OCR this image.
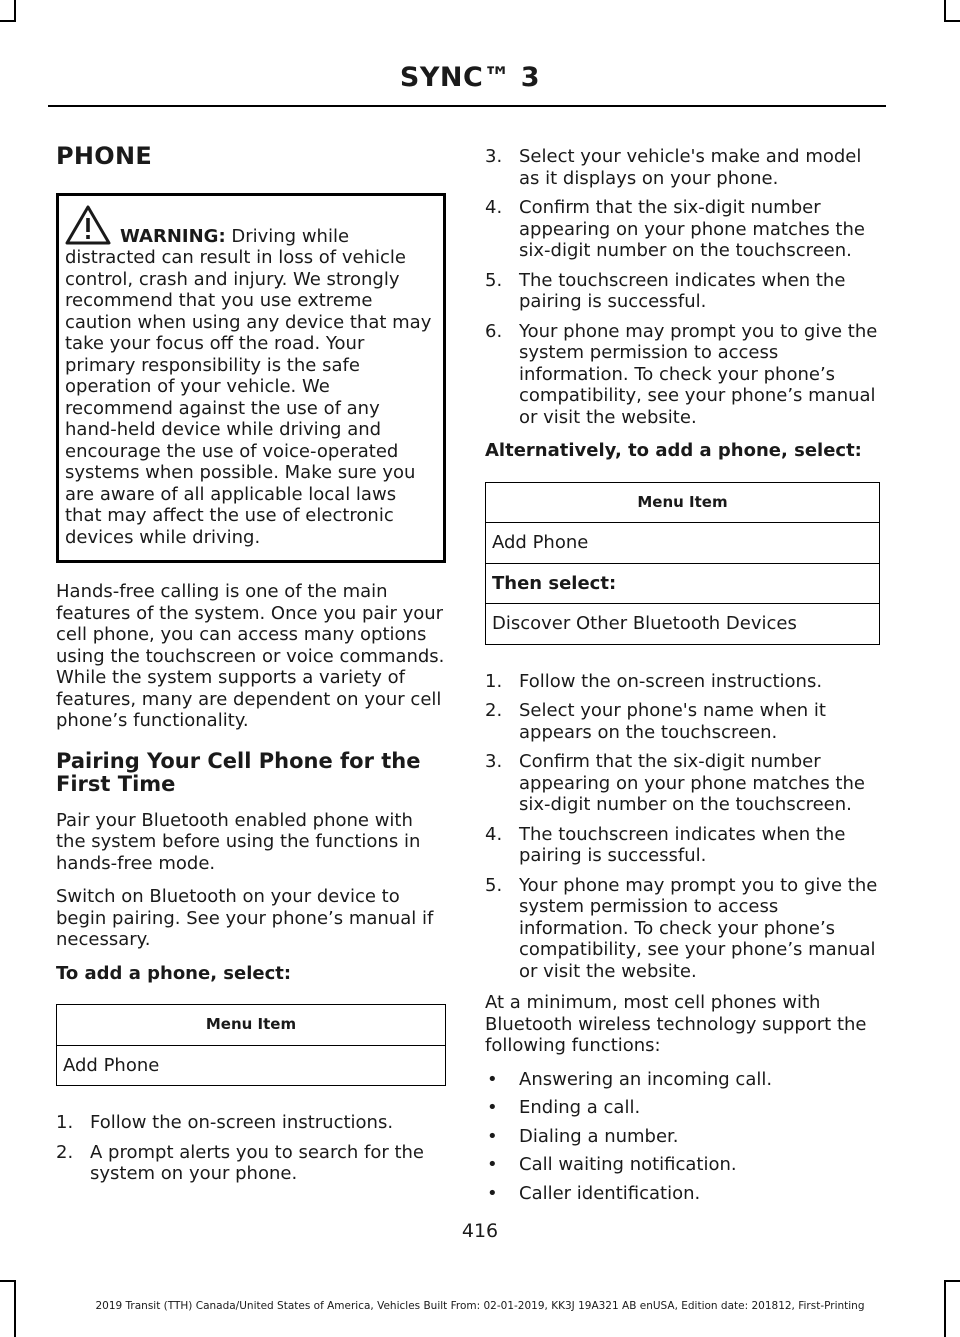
SYNC™ 3
PHONE

WARNING: Driving while distracted can result in loss of vehicle control, crash and injury. We strongly recommend that you use extreme caution when using any device that may take your focus off the road. Your primary responsibility is the safe operation of your vehicle. We recommend against the use of any hand-held device while driving and encourage the use of voice-operated systems when possible. Make sure you are aware of all applicable local laws that may affect the use of electronic devices while driving.

Hands-free calling is one of the main features of the system. Once you pair your cell phone, you can access many options using the touchscreen or voice commands. While the system supports a variety of features, many are dependent on your cell phone’s functionality.

Pairing Your Cell Phone for the First Time

Pair your Bluetooth enabled phone with the system before using the functions in hands-free mode.

Switch on Bluetooth on your device to begin pairing. See your phone’s manual if necessary.

To add a phone, select:
Menu Item
Add Phone
1. Follow the on-screen instructions.
2. A prompt alerts you to search for the system on your phone.
3. Select your vehicle's make and model as it displays on your phone.
4. Confirm that the six-digit number appearing on your phone matches the six-digit number on the touchscreen.
5. The touchscreen indicates when the pairing is successful.
6. Your phone may prompt you to give the system permission to access information. To check your phone’s compatibility, see your phone’s manual or visit the website.
Alternatively, to add a phone, select:
Menu Item
Add Phone
Then select:
Discover Other Bluetooth Devices
1. Follow the on-screen instructions.
2. Select your phone's name when it appears on the touchscreen.
3. Confirm that the six-digit number appearing on your phone matches the six-digit number on the touchscreen.
4. The touchscreen indicates when the pairing is successful.
5. Your phone may prompt you to give the system permission to access information. To check your phone’s compatibility, see your phone’s manual or visit the website.

At a minimum, most cell phones with Bluetooth wireless technology support the following functions:

• Answering an incoming call.
• Ending a call.
• Dialing a number.
• Call waiting notification.
• Caller identification.
416
2019 Transit (TTH) Canada/United States of America, Vehicles Built From: 02-01-2019, KK3J 19A321 AB enUSA, Edition date: 201812, First-Printing
